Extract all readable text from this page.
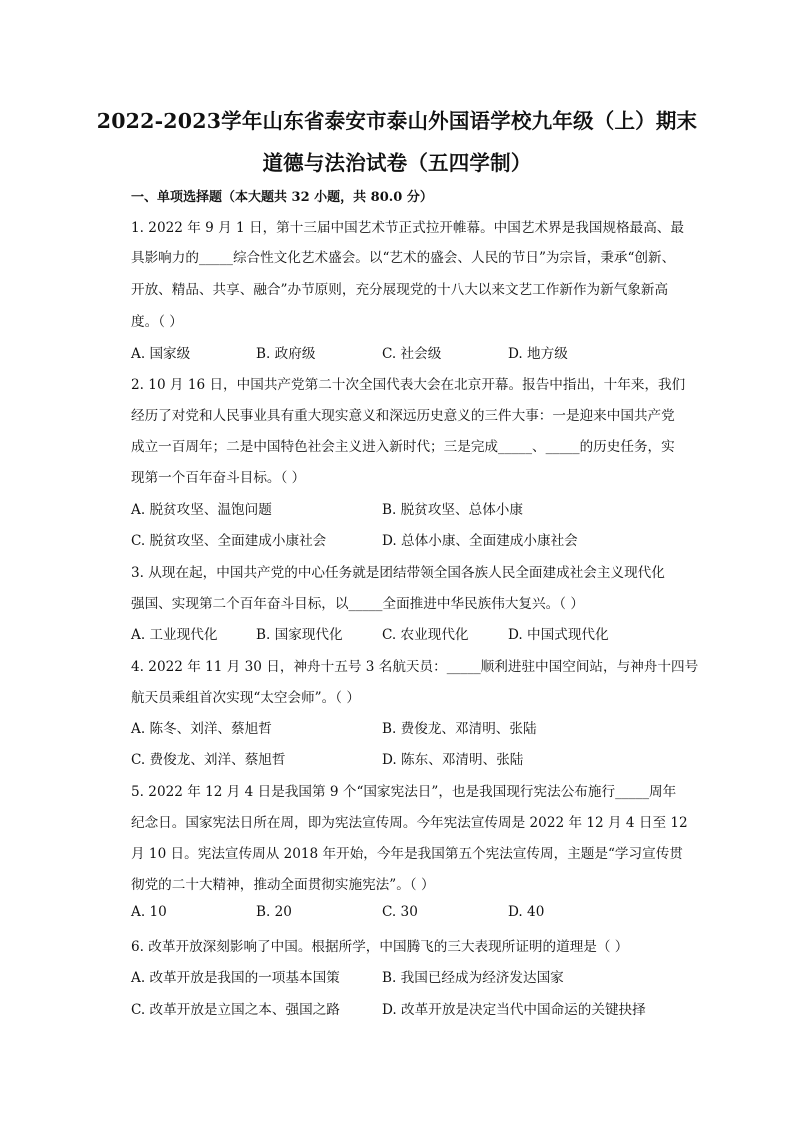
2022-2023学年山东省泰安市泰山外国语学校九年级（上）期末
道德与法治试卷（五四学制）
一、单项选择题（本大题共 32 小题，共 80.0 分）
1. 2022 年 9 月 1 日，第十三届中国艺术节正式拉开帷幕。中国艺术界是我国规格最高、最
具影响力的_____综合性文化艺术盛会。以“艺术的盛会、人民的节日”为宗旨，秉承“创新、
开放、精品、共享、融合”办节原则，充分展现党的十八大以来文艺工作新作为新气象新高
度。（ ）
A. 国家级	B. 政府级	C. 社会级	D. 地方级
2. 10 月 16 日，中国共产党第二十次全国代表大会在北京开幕。报告中指出，十年来，我们
经历了对党和人民事业具有重大现实意义和深远历史意义的三件大事：一是迎来中国共产党
成立一百周年；二是中国特色社会主义进入新时代；三是完成_____、_____的历史任务，实
现第一个百年奋斗目标。（ ）
A. 脱贫攻坚、温饱问题	B. 脱贫攻坚、总体小康
C. 脱贫攻坚、全面建成小康社会	D. 总体小康、全面建成小康社会
3. 从现在起，中国共产党的中心任务就是团结带领全国各族人民全面建成社会主义现代化
强国、实现第二个百年奋斗目标，以_____全面推进中华民族伟大复兴。（ ）
A. 工业现代化	B. 国家现代化	C. 农业现代化	D. 中国式现代化
4. 2022 年 11 月 30 日，神舟十五号 3 名航天员：_____顺利进驻中国空间站，与神舟十四号
航天员乘组首次实现“太空会师”。（ ）
A. 陈冬、刘洋、蔡旭哲	B. 费俊龙、邓清明、张陆
C. 费俊龙、刘洋、蔡旭哲	D. 陈东、邓清明、张陆
5. 2022 年 12 月 4 日是我国第 9 个“国家宪法日”，也是我国现行宪法公布施行_____周年
纪念日。国家宪法日所在周，即为宪法宣传周。今年宪法宣传周是 2022 年 12 月 4 日至 12
月 10 日。宪法宣传周从 2018 年开始，今年是我国第五个宪法宣传周，主题是“学习宣传贯
彻党的二十大精神，推动全面贯彻实施宪法”。（ ）
A. 10	B. 20	C. 30	D. 40
6. 改革开放深刻影响了中国。根据所学，中国腾飞的三大表现所证明的道理是（ ）
A. 改革开放是我国的一项基本国策	B. 我国已经成为经济发达国家
C. 改革开放是立国之本、强国之路	D. 改革开放是决定当代中国命运的关键抉择
